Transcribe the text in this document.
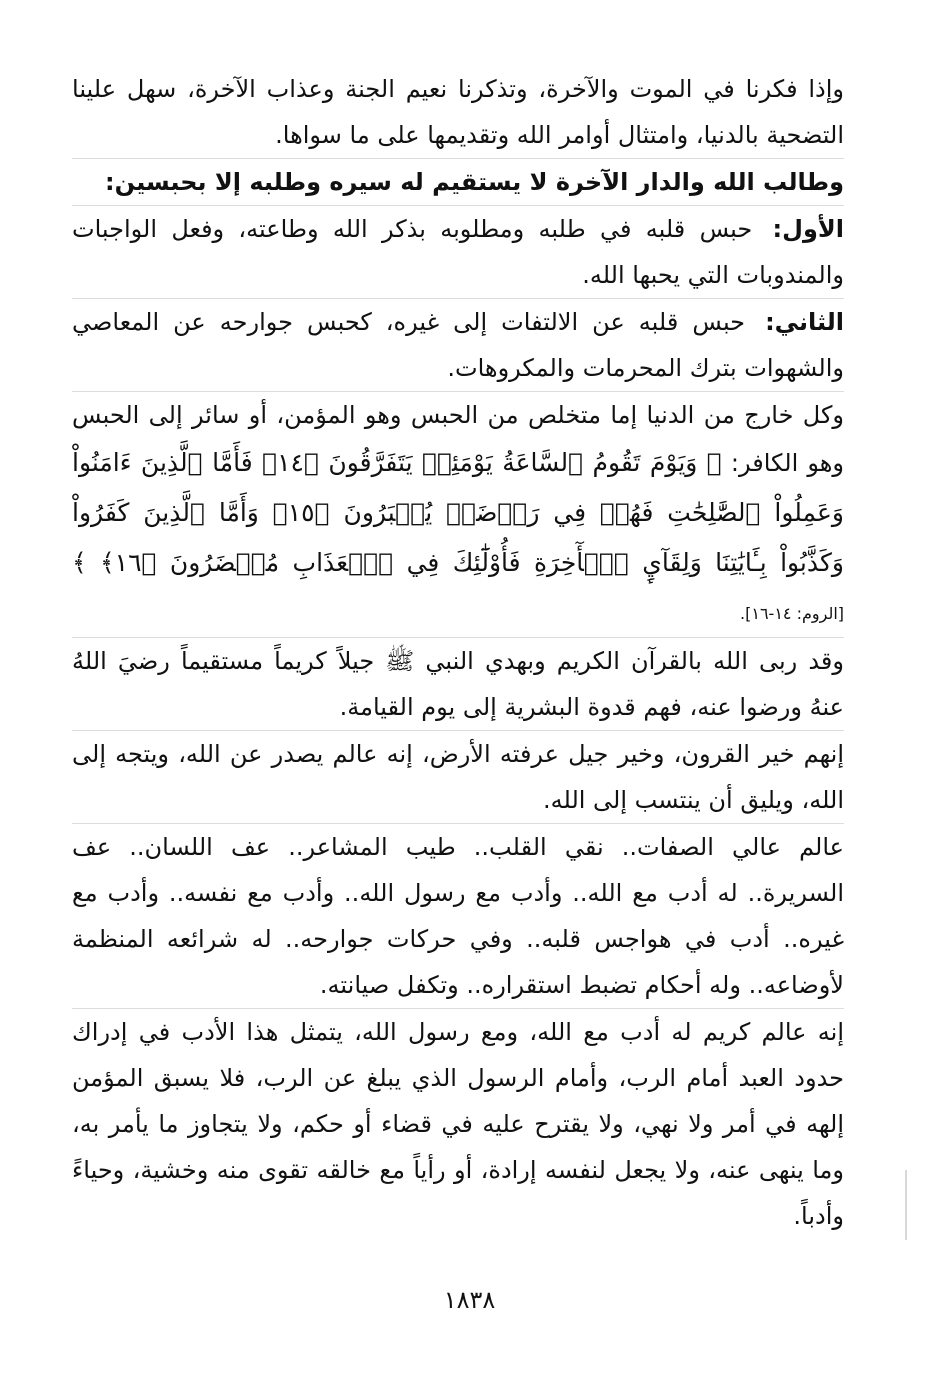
وإذا فكرنا في الموت والآخرة، وتذكرنا نعيم الجنة وعذاب الآخرة، سهل علينا التضحية بالدنيا، وامتثال أوامر الله وتقديمها على ما سواها.

وطالب الله والدار الآخرة لا يستقيم له سيره وطلبه إلا بحبسين:

الأول: حبس قلبه في طلبه ومطلوبه بذكر الله وطاعته، وفعل الواجبات والمندوبات التي يحبها الله.

الثاني: حبس قلبه عن الالتفات إلى غيره، كحبس جوارحه عن المعاصي والشهوات بترك المحرمات والمكروهات.

وكل خارج من الدنيا إما متخلص من الحبس وهو المؤمن، أو سائر إلى الحبس وهو الكافر: ﴿ وَيَوْمَ تَقُومُ ٱلسَّاعَةُ يَوْمَئِذٖ يَتَفَرَّقُونَ ﴿١٤﴾ فَأَمَّا ٱلَّذِينَ ءَامَنُواْ وَعَمِلُواْ ٱلصَّٰلِحَٰتِ فَهُمۡ فِي رَوۡضَةٖ يُحۡبَرُونَ ﴿١٥﴾ وَأَمَّا ٱلَّذِينَ كَفَرُواْ وَكَذَّبُواْ بِـَٔايَٰتِنَا وَلِقَآيِٕ ٱلۡأٓخِرَةِ فَأُوْلَٰٓئِكَ فِي ٱلۡعَذَابِ مُحۡضَرُونَ ﴿١٦﴾ ﴾ [الروم: ١٤-١٦].

وقد ربى الله بالقرآن الكريم وبهدي النبي ﷺ جيلاً كريماً مستقيماً رضيَ اللهُ عنهُ ورضوا عنه، فهم قدوة البشرية إلى يوم القيامة.

إنهم خير القرون، وخير جيل عرفته الأرض، إنه عالم يصدر عن الله، ويتجه إلى الله، ويليق أن ينتسب إلى الله.

عالم عالي الصفات.. نقي القلب.. طيب المشاعر.. عف اللسان.. عف السريرة.. له أدب مع الله.. وأدب مع رسول الله.. وأدب مع نفسه.. وأدب مع غيره.. أدب في هواجس قلبه.. وفي حركات جوارحه.. له شرائعه المنظمة لأوضاعه.. وله أحكام تضبط استقراره.. وتكفل صيانته.

إنه عالم كريم له أدب مع الله، ومع رسول الله، يتمثل هذا الأدب في إدراك حدود العبد أمام الرب، وأمام الرسول الذي يبلغ عن الرب، فلا يسبق المؤمن إلهه في أمر ولا نهي، ولا يقترح عليه في قضاء أو حكم، ولا يتجاوز ما يأمر به، وما ينهى عنه، ولا يجعل لنفسه إرادة، أو رأياً مع خالقه تقوى منه وخشية، وحياءً وأدباً.

١٨٣٨
